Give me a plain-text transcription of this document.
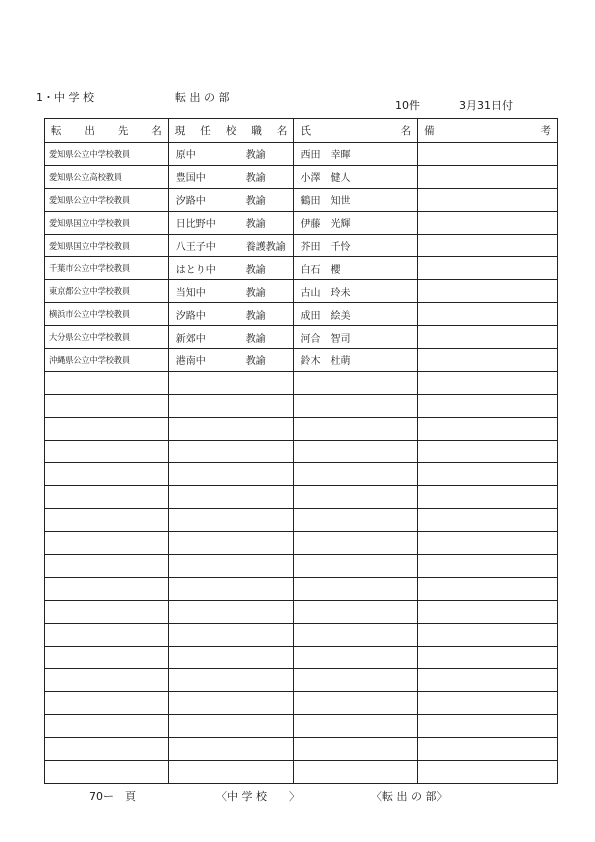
1・中 学 校	転 出 の 部
10件	3月31日付
転 出 先 名	現 任 校 職 名	氏 名	備 考

愛知県公立中学校教員	原中 教諭	西田　幸暉	

愛知県公立高校教員	豊国中 教諭	小澤　健人	

愛知県公立中学校教員	汐路中 教諭	鶴田　知世	

愛知県国立中学校教員	日比野中 教諭	伊藤　光輝	

愛知県国立中学校教員	八王子中 養護教諭	芥田　千怜	

千葉市公立中学校教員	はとり中 教諭	白石　櫻	

東京都公立中学校教員	当知中 教諭	古山　玲未	

横浜市公立中学校教員	汐路中 教諭	成田　絵美	

大分県公立中学校教員	新郊中 教諭	河合　智司	

沖縄県公立中学校教員	港南中 教諭	鈴木　杜萌	

70ー　頁	〈中 学 校　　〉	〈転 出 の 部〉
